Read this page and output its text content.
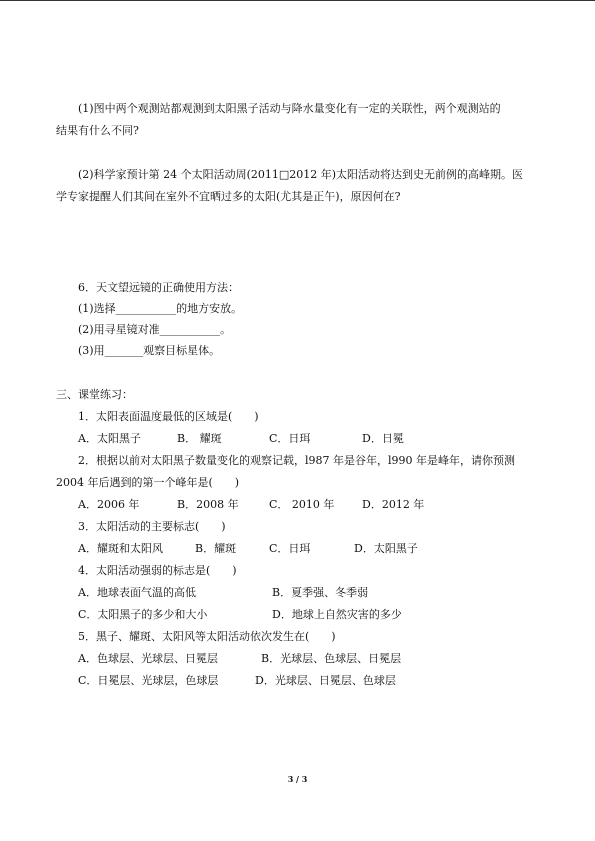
(1)图中两个观测站都观测到太阳黑子活动与降水量变化有一定的关联性，两个观测站的
结果有什么不同?
(2)科学家预计第 24 个太阳活动周(2011□2012 年)太阳活动将达到史无前例的高峰期。医
学专家提醒人们其间在室外不宜晒过多的太阳(尤其是正午)，原因何在?
6．天文望远镜的正确使用方法：
(1)选择___________的地方安放。
(2)用寻星镜对准___________。
(3)用_______观察目标星体。
三、课堂练习：
1．太阳表面温度最低的区域是(　　)
A．太阳黑子	B． 耀斑	C．日珥	D．日冕
2．根据以前对太阳黑子数量变化的观察记载，l987 年是谷年，l990 年是峰年，请你预测
2004 年后遇到的第一个峰年是(　　)
A．2006 年	B．2008 年	C． 2010 年	D．2012 年
3．太阳活动的主要标志(　　)
A．耀斑和太阳风	B．耀斑	C．日珥	D．太阳黑子
4．太阳活动强弱的标志是(　　)
A．地球表面气温的高低	B．夏季强、冬季弱
C．太阳黑子的多少和大小	D．地球上自然灾害的多少
5．黑子、耀斑、太阳风等太阳活动依次发生在(　　)
A．色球层、光球层、日冕层	B．光球层、色球层、日冕层
C．日冕层、光球层，色球层	D．光球层、日冕层、色球层
3 / 3
